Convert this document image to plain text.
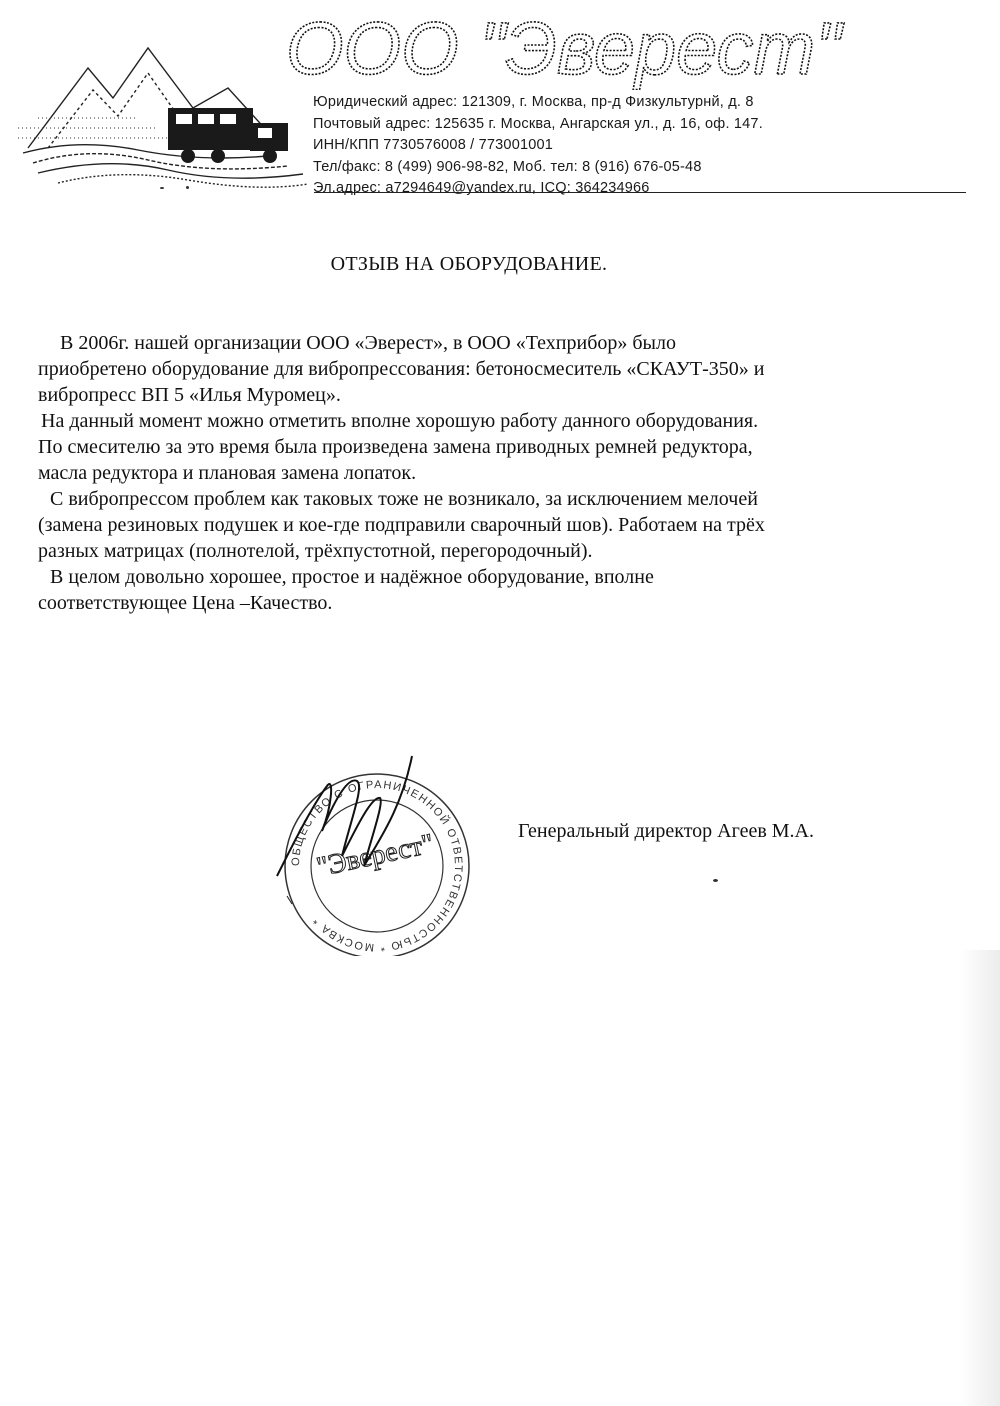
ООО "Эверест"
Юридический адрес: 121309, г. Москва, пр-д Физкультурнй, д. 8
Почтовый адрес: 125635 г. Москва, Ангарская ул., д. 16, оф. 147.
ИНН/КПП 7730576008 / 773001001
Тел/факс: 8 (499) 906-98-82, Моб. тел: 8 (916) 676-05-48
Эл.адрес: a7294649@yandex.ru, ICQ: 364234966
ОТЗЫВ НА ОБОРУДОВАНИЕ.

В 2006г. нашей организации ООО «Эверест», в ООО «Техприбор» было

приобретено оборудование для вибропрессования: бетоносмеситель «СКАУТ-350» и

вибропресс ВП 5 «Илья Муромец».

На данный момент можно отметить вполне хорошую работу данного оборудования.

По смесителю за это время была произведена замена приводных ремней редуктора,

масла редуктора и плановая замена лопаток.

С вибропрессом проблем как таковых тоже не возникало, за исключением мелочей

(замена резиновых подушек и кое-где подправили сварочный шов). Работаем на трёх

разных матрицах (полнотелой, трёхпустотной, перегородочный).

В целом довольно хорошее, простое и надёжное оборудование, вполне

соответствующее Цена –Качество.

ОБЩЕСТВО С ОГРАНИЧЕННОЙ ОТВЕТСТВЕННОСТЬЮ * МОСКВА *
"Эверест"	Генеральный директор Агеев М.А.
